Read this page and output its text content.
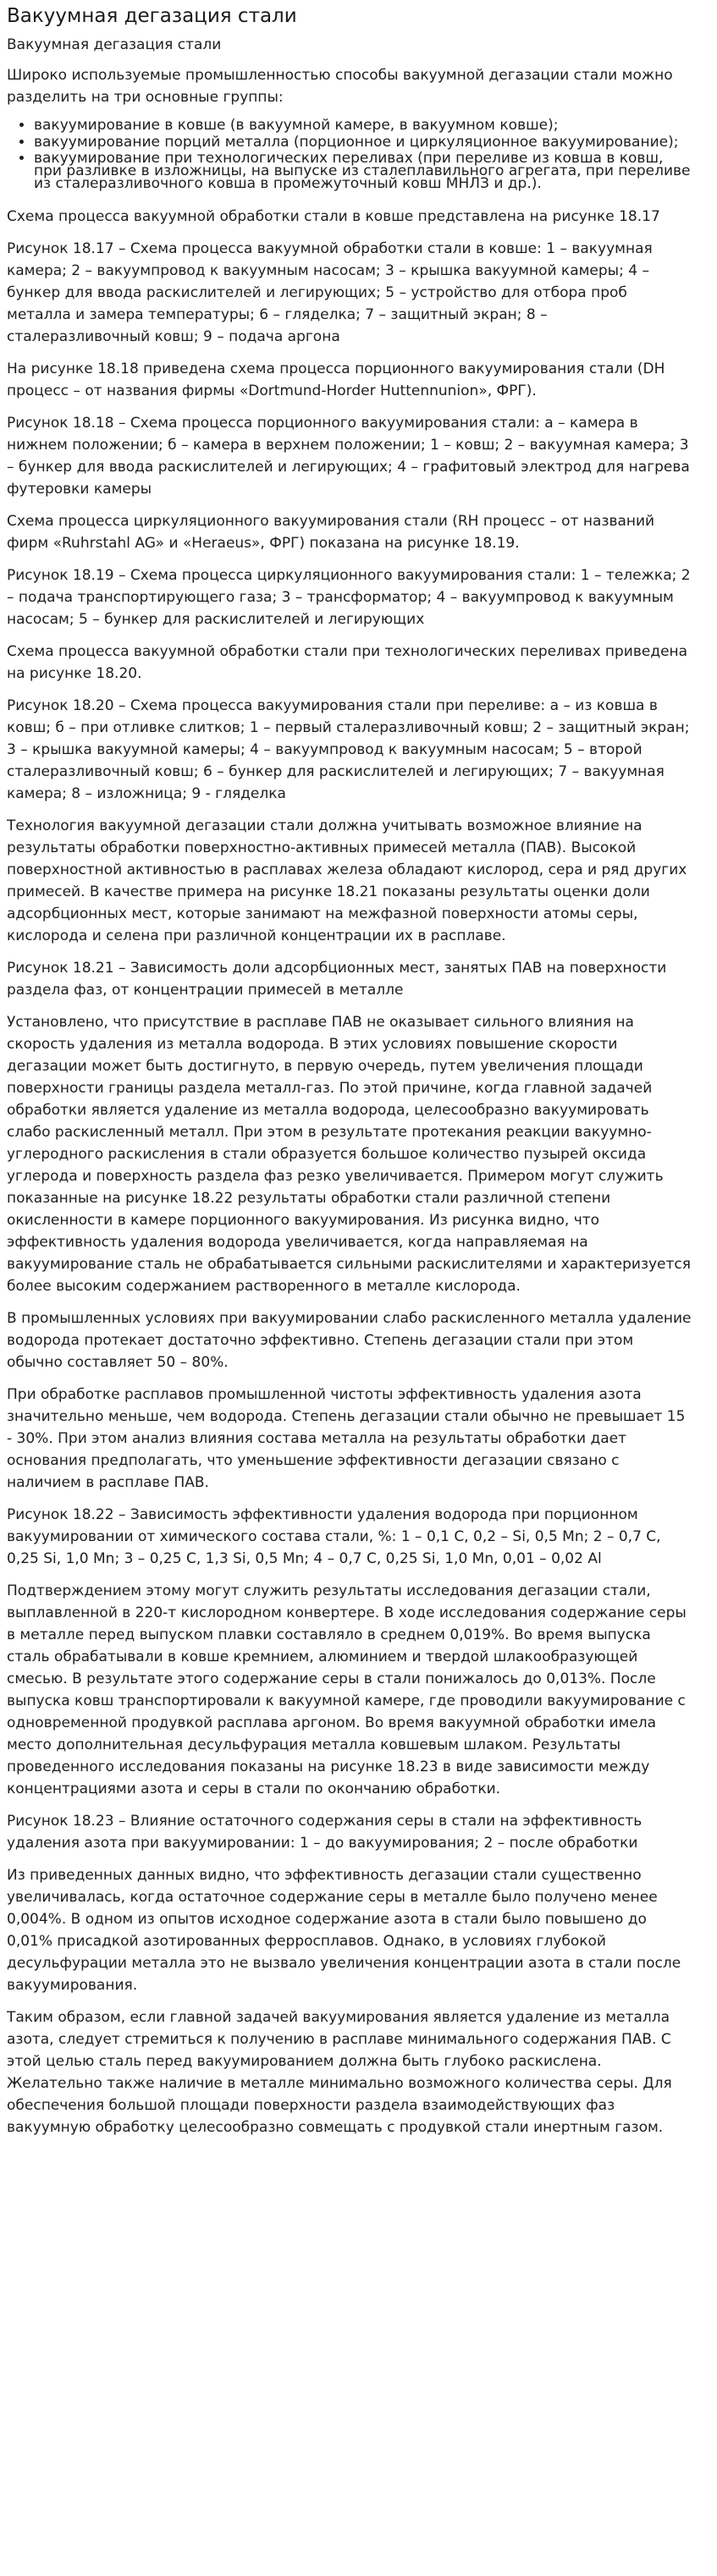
Вакуумная дегазация стали
Вакуумная дегазация стали

Широко используемые промышленностью способы вакуумной дегазации стали можно разделить на три основные группы:

• вакуумирование в ковше (в вакуумной камере, в вакуумном ковше);
• вакуумирование порций металла (порционное и циркуляционное вакуумирование);
• вакуумирование при технологических переливах (при переливе из ковша в ковш, при разливке в изложницы, на выпуске из сталеплавильного агрегата, при переливе из сталеразливочного ковша в промежуточный ковш МНЛЗ и др.).

Схема процесса вакуумной обработки стали в ковше представлена на рисунке 18.17

Рисунок 18.17 – Схема процесса вакуумной обработки стали в ковше: 1 – вакуумная камера; 2 – вакуумпровод к вакуумным насосам; 3 – крышка вакуумной камеры; 4 – бункер для ввода раскислителей и легирующих; 5 – устройство для отбора проб металла и замера температуры; 6 – гляделка; 7 – защитный экран; 8 – сталеразливочный ковш; 9 – подача аргона

На рисунке 18.18 приведена схема процесса порционного вакуумирования стали (DH процесс – от названия фирмы «Dortmund-Horder Huttennunion», ФРГ).

Рисунок 18.18 – Схема процесса порционного вакуумирования стали: а – камера в нижнем положении; б – камера в верхнем положении; 1 – ковш; 2 – вакуумная камера; 3 – бункер для ввода раскислителей и легирующих; 4 – графитовый электрод для нагрева футеровки камеры

Схема процесса циркуляционного вакуумирования стали (RH процесс – от названий фирм «Ruhrstahl AG» и «Heraeus», ФРГ) показана на рисунке 18.19.

Рисунок 18.19 – Схема процесса циркуляционного вакуумирования стали: 1 – тележка; 2 – подача транспортирующего газа; 3 – трансформатор; 4 – вакуумпровод к вакуумным насосам; 5 – бункер для раскислителей и легирующих

Схема процесса вакуумной обработки стали при технологических переливах приведена на рисунке 18.20.

Рисунок 18.20 – Схема процесса вакуумирования стали при переливе: а – из ковша в ковш; б – при отливке слитков; 1 – первый сталеразливочный ковш; 2 – защитный экран; 3 – крышка вакуумной камеры; 4 – вакуумпровод к вакуумным насосам; 5 – второй сталеразливочный ковш; 6 – бункер для раскислителей и легирующих; 7 – вакуумная камера; 8 – изложница; 9 - гляделка

Технология вакуумной дегазации стали должна учитывать возможное влияние на результаты обработки поверхностно-активных примесей металла (ПАВ). Высокой поверхностной активностью в расплавах железа обладают кислород, сера и ряд других примесей. В качестве примера на рисунке 18.21 показаны результаты оценки доли адсорбционных мест, которые занимают на межфазной поверхности атомы серы, кислорода и селена при различной концентрации их в расплаве.

Рисунок 18.21 – Зависимость доли адсорбционных мест, занятых ПАВ на поверхности раздела фаз, от концентрации примесей в металле

Установлено, что присутствие в расплаве ПАВ не оказывает сильного влияния на скорость удаления из металла водорода. В этих условиях повышение скорости дегазации может быть достигнуто, в первую очередь, путем увеличения площади поверхности границы раздела металл-газ. По этой причине, когда главной задачей обработки является удаление из металла водорода, целесообразно вакуумировать слабо раскисленный металл. При этом в результате протекания реакции вакуумно-углеродного раскисления в стали образуется большое количество пузырей оксида углерода и поверхность раздела фаз резко увеличивается. Примером могут служить показанные на рисунке 18.22 результаты обработки стали различной степени окисленности в камере порционного вакуумирования. Из рисунка видно, что эффективность удаления водорода увеличивается, когда направляемая на вакуумирование сталь не обрабатывается сильными раскислителями и характеризуется более высоким содержанием растворенного в металле кислорода.

В промышленных условиях при вакуумировании слабо раскисленного металла удаление водорода протекает достаточно эффективно. Степень дегазации стали при этом обычно составляет 50 – 80%.

При обработке расплавов промышленной чистоты эффективность удаления азота значительно меньше, чем водорода. Степень дегазации стали обычно не превышает 15 - 30%. При этом анализ влияния состава металла на результаты обработки дает основания предполагать, что уменьшение эффективности дегазации связано с наличием в расплаве ПАВ.

Рисунок 18.22 – Зависимость эффективности удаления водорода при порционном вакуумировании от химического состава стали, %: 1 – 0,1 С, 0,2 – Si, 0,5 Mn; 2 – 0,7 С, 0,25 Si, 1,0 Mn; 3 – 0,25 С, 1,3 Si, 0,5 Mn; 4 – 0,7 С, 0,25 Si, 1,0 Mn, 0,01 – 0,02 Al

Подтверждением этому могут служить результаты исследования дегазации стали, выплавленной в 220-т кислородном конвертере. В ходе исследования содержание серы в металле перед выпуском плавки составляло в среднем 0,019%. Во время выпуска сталь обрабатывали в ковше кремнием, алюминием и твердой шлакообразующей смесью. В результате этого содержание серы в стали понижалось до 0,013%. После выпуска ковш транспортировали к вакуумной камере, где проводили вакуумирование с одновременной продувкой расплава аргоном. Во время вакуумной обработки имела место дополнительная десульфурация металла ковшевым шлаком. Результаты проведенного исследования показаны на рисунке 18.23 в виде зависимости между концентрациями азота и серы в стали по окончанию обработки.

Рисунок 18.23 – Влияние остаточного содержания серы в стали на эффективность удаления азота при вакуумировании: 1 – до вакуумирования; 2 – после обработки

Из приведенных данных видно, что эффективность дегазации стали существенно увеличивалась, когда остаточное содержание серы в металле было получено менее 0,004%. В одном из опытов исходное содержание азота в стали было повышено до 0,01% присадкой азотированных ферросплавов. Однако, в условиях глубокой десульфурации металла это не вызвало увеличения концентрации азота в стали после вакуумирования.

Таким образом, если главной задачей вакуумирования является удаление из металла азота, следует стремиться к получению в расплаве минимального содержания ПАВ. С этой целью сталь перед вакуумированием должна быть глубоко раскислена. Желательно также наличие в металле минимально возможного количества серы. Для обеспечения большой площади поверхности раздела взаимодействующих фаз вакуумную обработку целесообразно совмещать с продувкой стали инертным газом.
